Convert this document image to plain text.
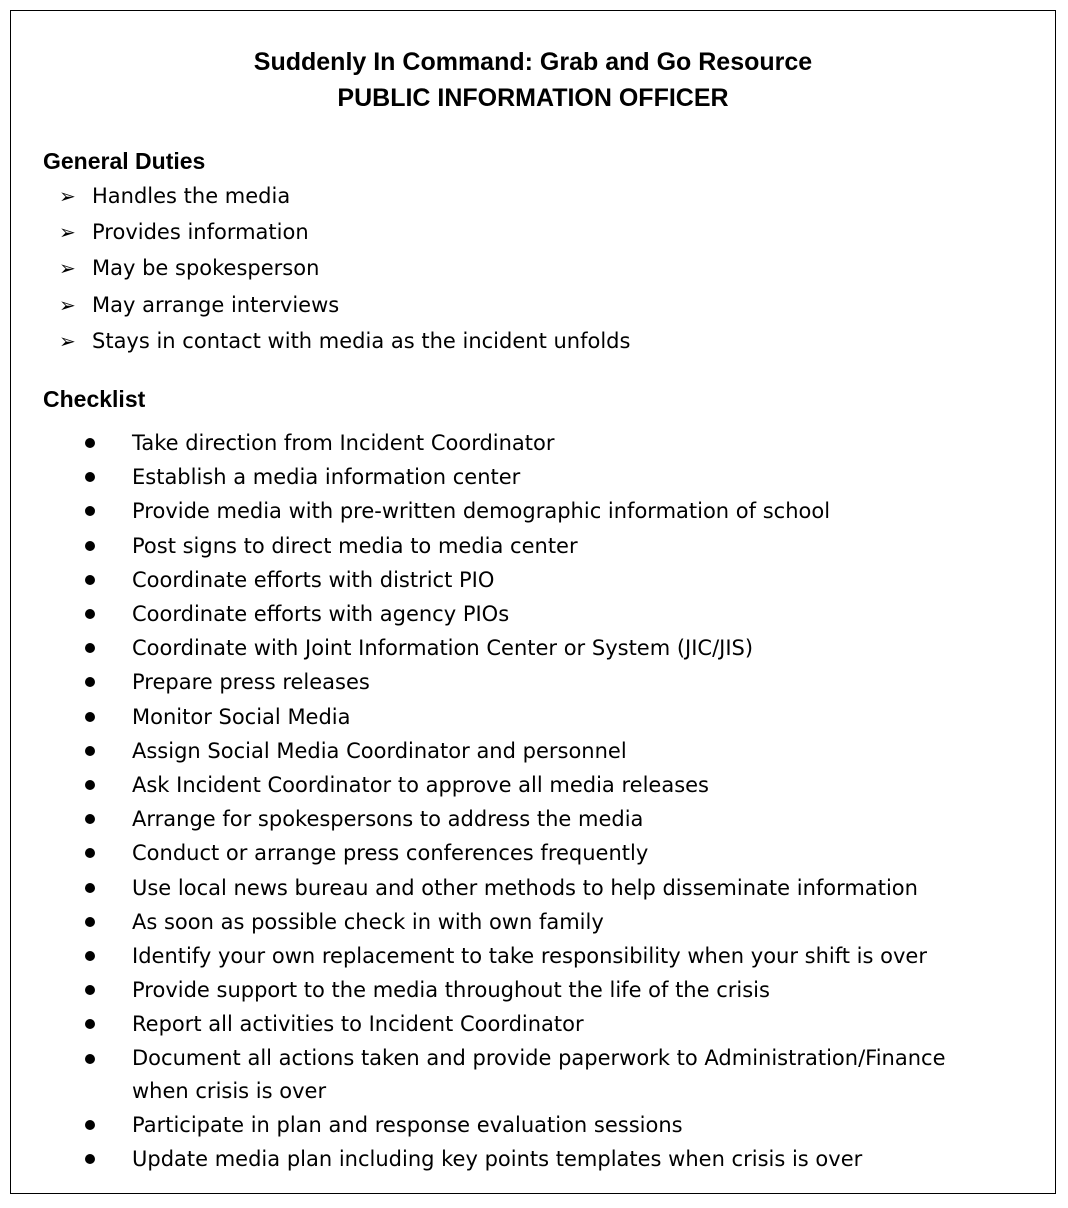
Suddenly In Command: Grab and Go Resource
PUBLIC INFORMATION OFFICER
General Duties
➢ Handles the media
➢ Provides information
➢ May be spokesperson
➢ May arrange interviews
➢ Stays in contact with media as the incident unfolds
Checklist
Take direction from Incident Coordinator
Establish a media information center
Provide media with pre-written demographic information of school
Post signs to direct media to media center
Coordinate efforts with district PIO
Coordinate efforts with agency PIOs
Coordinate with Joint Information Center or System (JIC/JIS)
Prepare press releases
Monitor Social Media
Assign Social Media Coordinator and personnel
Ask Incident Coordinator to approve all media releases
Arrange for spokespersons to address the media
Conduct or arrange press conferences frequently
Use local news bureau and other methods to help disseminate information
As soon as possible check in with own family
Identify your own replacement to take responsibility when your shift is over
Provide support to the media throughout the life of the crisis
Report all activities to Incident Coordinator
Document all actions taken and provide paperwork to Administration/Finance when crisis is over
Participate in plan and response evaluation sessions
Update media plan including key points templates when crisis is over
